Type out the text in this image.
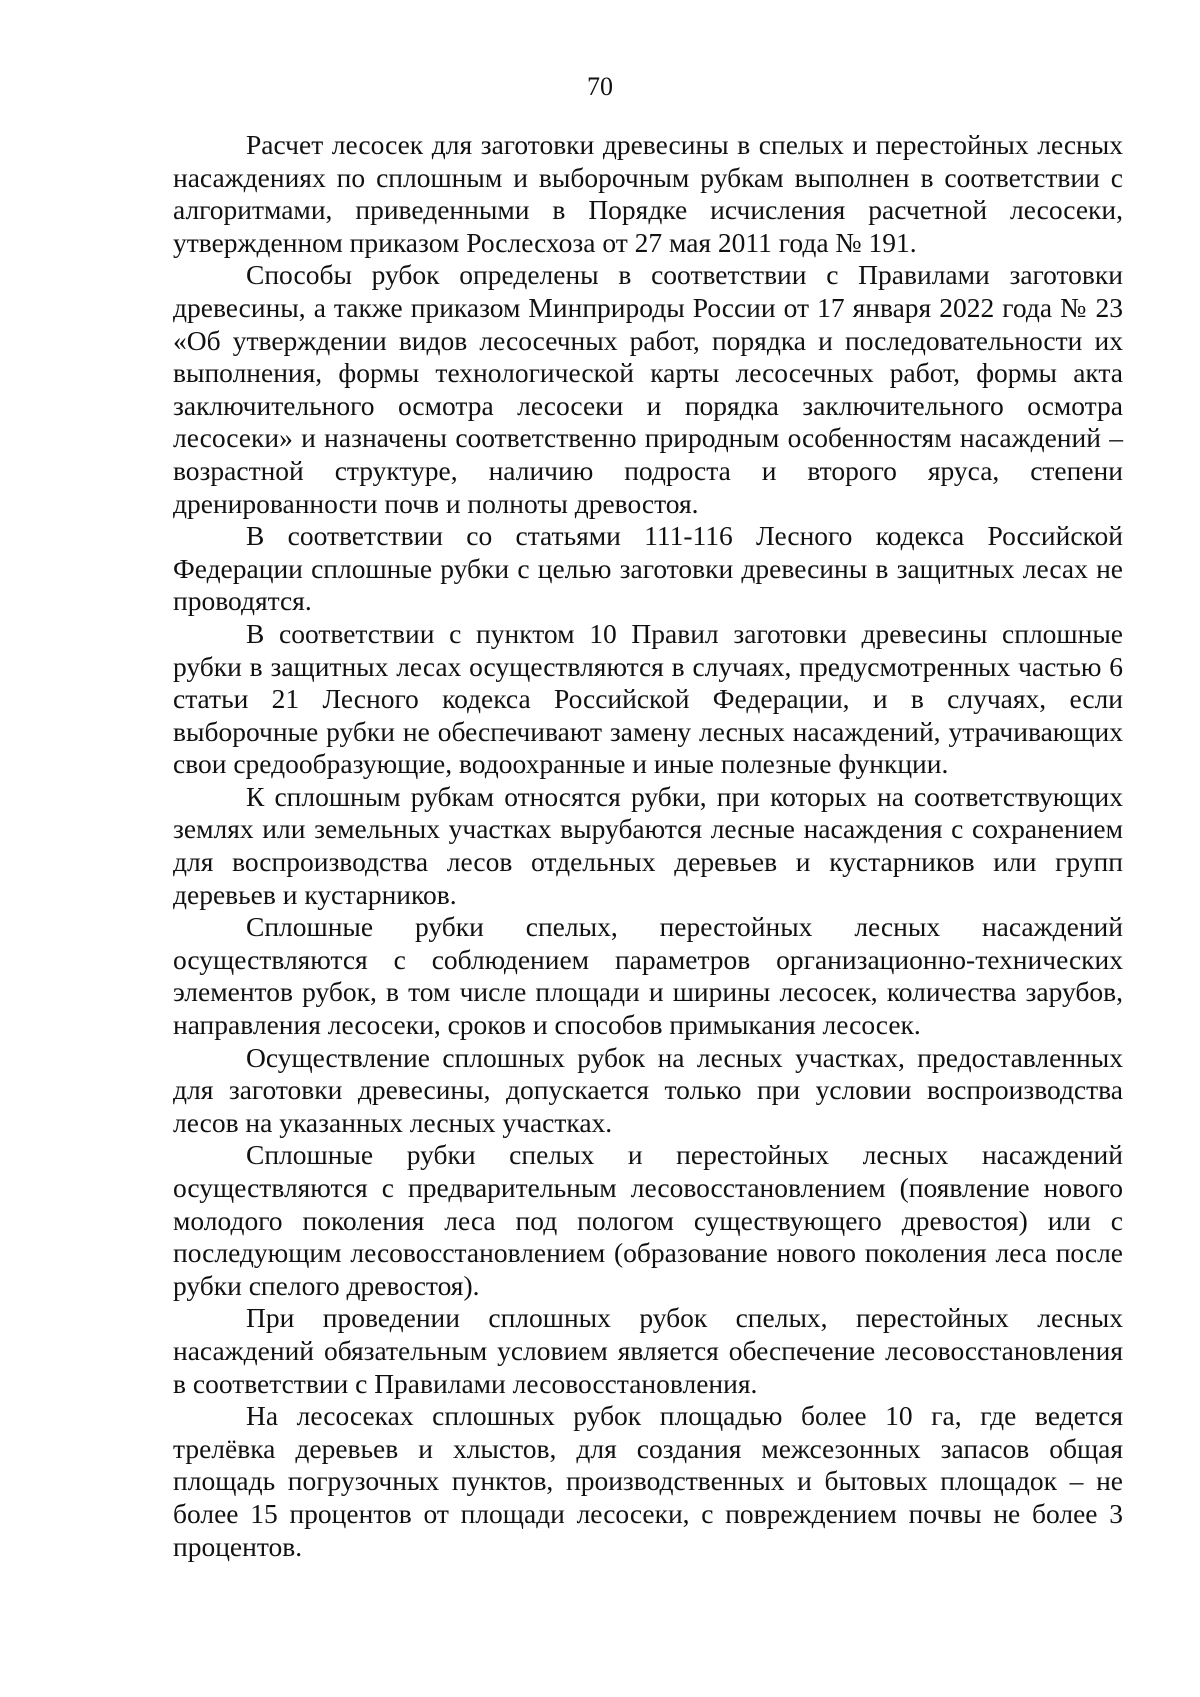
70

Расчет лесосек для заготовки древесины в спелых и перестойных лесных насаждениях по сплошным и выборочным рубкам выполнен в соответствии с алгоритмами, приведенными в Порядке исчисления расчетной лесосеки, утвержденном приказом Рослесхоза от 27 мая 2011 года № 191.

Способы рубок определены в соответствии с Правилами заготовки древесины, а также приказом Минприроды России от 17 января 2022 года № 23 «Об утверждении видов лесосечных работ, порядка и последовательности их выполнения, формы технологической карты лесосечных работ, формы акта заключительного осмотра лесосеки и порядка заключительного осмотра лесосеки» и назначены соответственно природным особенностям насаждений – возрастной структуре, наличию подроста и второго яруса, степени дренированности почв и полноты древостоя.

В соответствии со статьями 111-116 Лесного кодекса Российской Федерации сплошные рубки с целью заготовки древесины в защитных лесах не проводятся.

В соответствии с пунктом 10 Правил заготовки древесины сплошные рубки в защитных лесах осуществляются в случаях, предусмотренных частью 6 статьи 21 Лесного кодекса Российской Федерации, и в случаях, если выборочные рубки не обеспечивают замену лесных насаждений, утрачивающих свои средообразующие, водоохранные и иные полезные функции.

К сплошным рубкам относятся рубки, при которых на соответствующих землях или земельных участках вырубаются лесные насаждения с сохранением для воспроизводства лесов отдельных деревьев и кустарников или групп деревьев и кустарников.

Сплошные рубки спелых, перестойных лесных насаждений осуществляются с соблюдением параметров организационно-технических элементов рубок, в том числе площади и ширины лесосек, количества зарубов, направления лесосеки, сроков и способов примыкания лесосек.

Осуществление сплошных рубок на лесных участках, предоставленных для заготовки древесины, допускается только при условии воспроизводства лесов на указанных лесных участках.

Сплошные рубки спелых и перестойных лесных насаждений осуществляются с предварительным лесовосстановлением (появление нового молодого поколения леса под пологом существующего древостоя) или с последующим лесовосстановлением (образование нового поколения леса после рубки спелого древостоя).

При проведении сплошных рубок спелых, перестойных лесных насаждений обязательным условием является обеспечение лесовосстановления в соответствии с Правилами лесовосстановления.

На лесосеках сплошных рубок площадью более 10 га, где ведется трелёвка деревьев и хлыстов, для создания межсезонных запасов общая площадь погрузочных пунктов, производственных и бытовых площадок – не более 15 процентов от площади лесосеки, с повреждением почвы не более 3 процентов.
